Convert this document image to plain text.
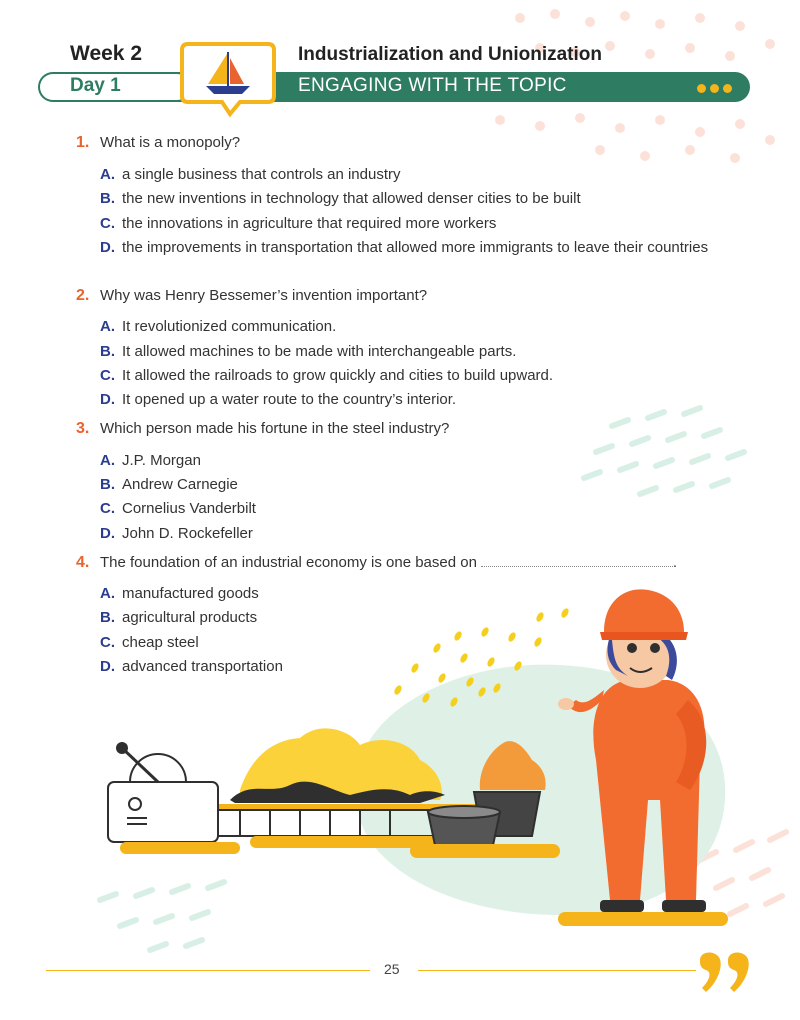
Week 2
Day 1
Industrialization and Unionization
ENGAGING WITH THE TOPIC
1. What is a monopoly?
A. a single business that controls an industry
B. the new inventions in technology that allowed denser cities to be built
C. the innovations in agriculture that required more workers
D. the improvements in transportation that allowed more immigrants to leave their countries
2. Why was Henry Bessemer’s invention important?
A. It revolutionized communication.
B. It allowed machines to be made with interchangeable parts.
C. It allowed the railroads to grow quickly and cities to build upward.
D. It opened up a water route to the country’s interior.
3. Which person made his fortune in the steel industry?
A. J.P. Morgan
B. Andrew Carnegie
C. Cornelius Vanderbilt
D. John D. Rockefeller
4. The foundation of an industrial economy is one based on	.
A. manufactured goods
B. agricultural products
C. cheap steel
D. advanced transportation
25
